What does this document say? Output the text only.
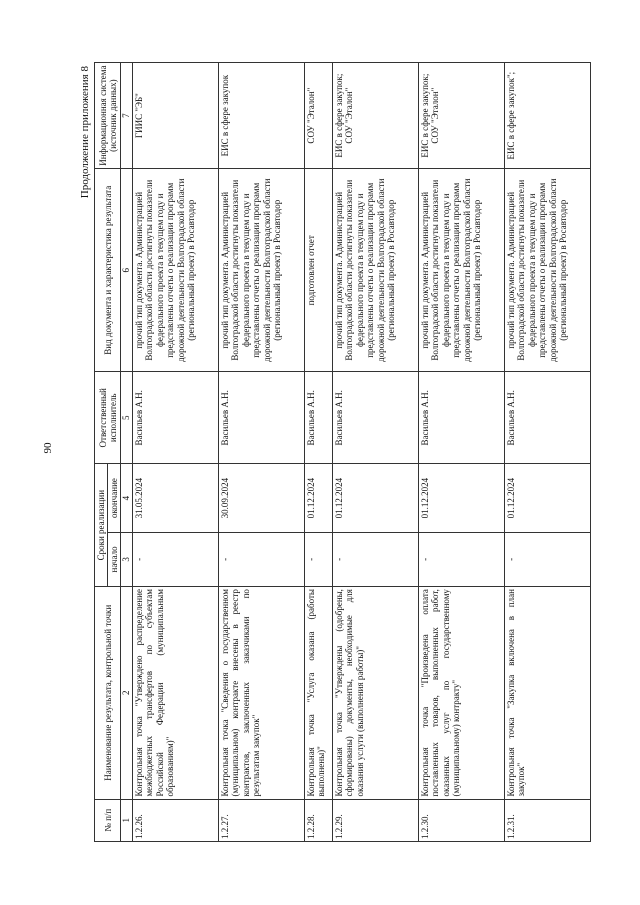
90
Продолжение приложения 8
№ п/п	Наименование результата, контрольной точки	Сроки реализации		Ответственный исполнитель	Вид документа и характеристика результата	Информационная система (источник данных)
		начало	окончание			
1	2	3	4	5	6	7
1.2.26.	Контрольная точка "Утверждено распределение межбюджетных трансфертов по субъектам Российской Федерации (муниципальным образованиям)"	-	31.05.2024	Васильев А.Н.	прочий тип документа. Администрацией Волгоградской области достигнуты показатели федерального проекта в текущем году и представлены отчеты о реализации программ дорожной деятельности Волгоградской области (региональный проект) в Росавтодор	ГИИС "ЭБ"
1.2.27.	Контрольная точка "Сведения о государственном (муниципальном) контракте внесены в реестр контрактов, заключенных заказчиками по результатам закупок"	-	30.09.2024	Васильев А.Н.	прочий тип документа. Администрацией Волгоградской области достигнуты показатели федерального проекта в текущем году и представлены отчеты о реализации программ дорожной деятельности Волгоградской области (региональный проект) в Росавтодор	ЕИС в сфере закупок
1.2.28.	Контрольная точка "Услуга оказана (работы выполнены)"	-	01.12.2024	Васильев А.Н.	подготовлен отчет	СОУ "Эталон"
1.2.29.	Контрольная точка "Утверждены (одобрены, сформированы) документы, необходимые для оказания услуги (выполнения работы)"	-	01.12.2024	Васильев А.Н.	прочий тип документа. Администрацией Волгоградской области достигнуты показатели федерального проекта в текущем году и представлены отчеты о реализации программ дорожной деятельности Волгоградской области (региональный проект) в Росавтодор	ЕИС в сфере закупок; СОУ "Эталон"
1.2.30.	Контрольная точка "Произведена оплата поставленных товаров, выполненных работ, оказанных услуг по государственному (муниципальному) контракту"	-	01.12.2024	Васильев А.Н.	прочий тип документа. Администрацией Волгоградской области достигнуты показатели федерального проекта в текущем году и представлены отчеты о реализации программ дорожной деятельности Волгоградской области (региональный проект) в Росавтодор	ЕИС в сфере закупок; СОУ "Эталон"
1.2.31.	Контрольная точка "Закупка включена в план закупок"	-	01.12.2024	Васильев А.Н.	прочий тип документа. Администрацией Волгоградской области достигнуты показатели федерального проекта в текущем году и представлены отчеты о реализации программ дорожной деятельности Волгоградской области (региональный проект) в Росавтодор	ЕИС в сфере закупок";
